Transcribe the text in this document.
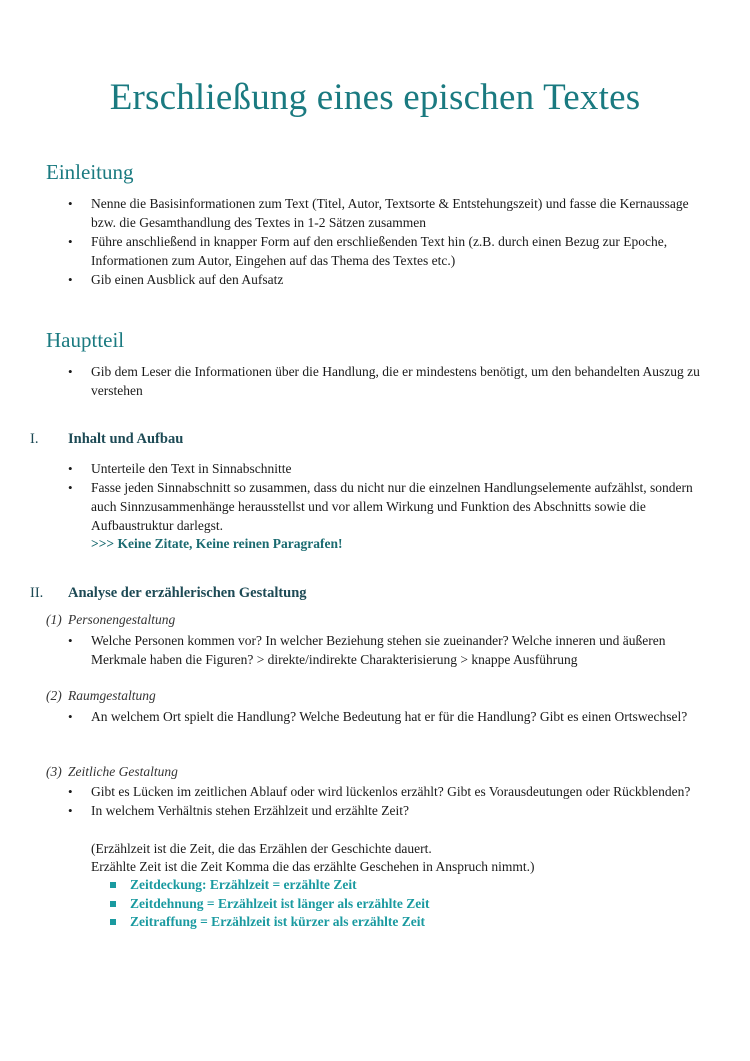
Erschließung eines epischen Textes
Einleitung
• Nenne die Basisinformationen zum Text (Titel, Autor, Textsorte & Entstehungszeit) und fasse die Kernaussage bzw. die Gesamthandlung des Textes in 1-2 Sätzen zusammen
• Führe anschließend in knapper Form auf den erschließenden Text hin (z.B. durch einen Bezug zur Epoche, Informationen zum Autor, Eingehen auf das Thema des Textes etc.)
• Gib einen Ausblick auf den Aufsatz
Hauptteil
• Gib dem Leser die Informationen über die Handlung, die er mindestens benötigt, um den behandelten Auszug zu verstehen
I. Inhalt und Aufbau
• Unterteile den Text in Sinnabschnitte
• Fasse jeden Sinnabschnitt so zusammen, dass du nicht nur die einzelnen Handlungselemente aufzählst, sondern auch Sinnzusammenhänge herausstellst und vor allem Wirkung und Funktion des Abschnitts sowie die Aufbaustruktur darlegst.

>>> Keine Zitate, Keine reinen Paragrafen!

II. Analyse der erzählerischen Gestaltung

(1) Personengestaltung

• Welche Personen kommen vor? In welcher Beziehung stehen sie zueinander? Welche inneren und äußeren Merkmale haben die Figuren? > direkte/indirekte Charakterisierung > knappe Ausführung

(2) Raumgestaltung

• An welchem Ort spielt die Handlung? Welche Bedeutung hat er für die Handlung? Gibt es einen Ortswechsel?

(3) Zeitliche Gestaltung

• Gibt es Lücken im zeitlichen Ablauf oder wird lückenlos erzählt? Gibt es Vorausdeutungen oder Rückblenden?
• In welchem Verhältnis stehen Erzählzeit und erzählte Zeit?

(Erzählzeit ist die Zeit, die das Erzählen der Geschichte dauert.

Erzählte Zeit ist die Zeit Komma die das erzählte Geschehen in Anspruch nimmt.)

Zeitdeckung: Erzählzeit = erzählte Zeit
Zeitdehnung = Erzählzeit ist länger als erzählte Zeit
Zeitraffung = Erzählzeit ist kürzer als erzählte Zeit
